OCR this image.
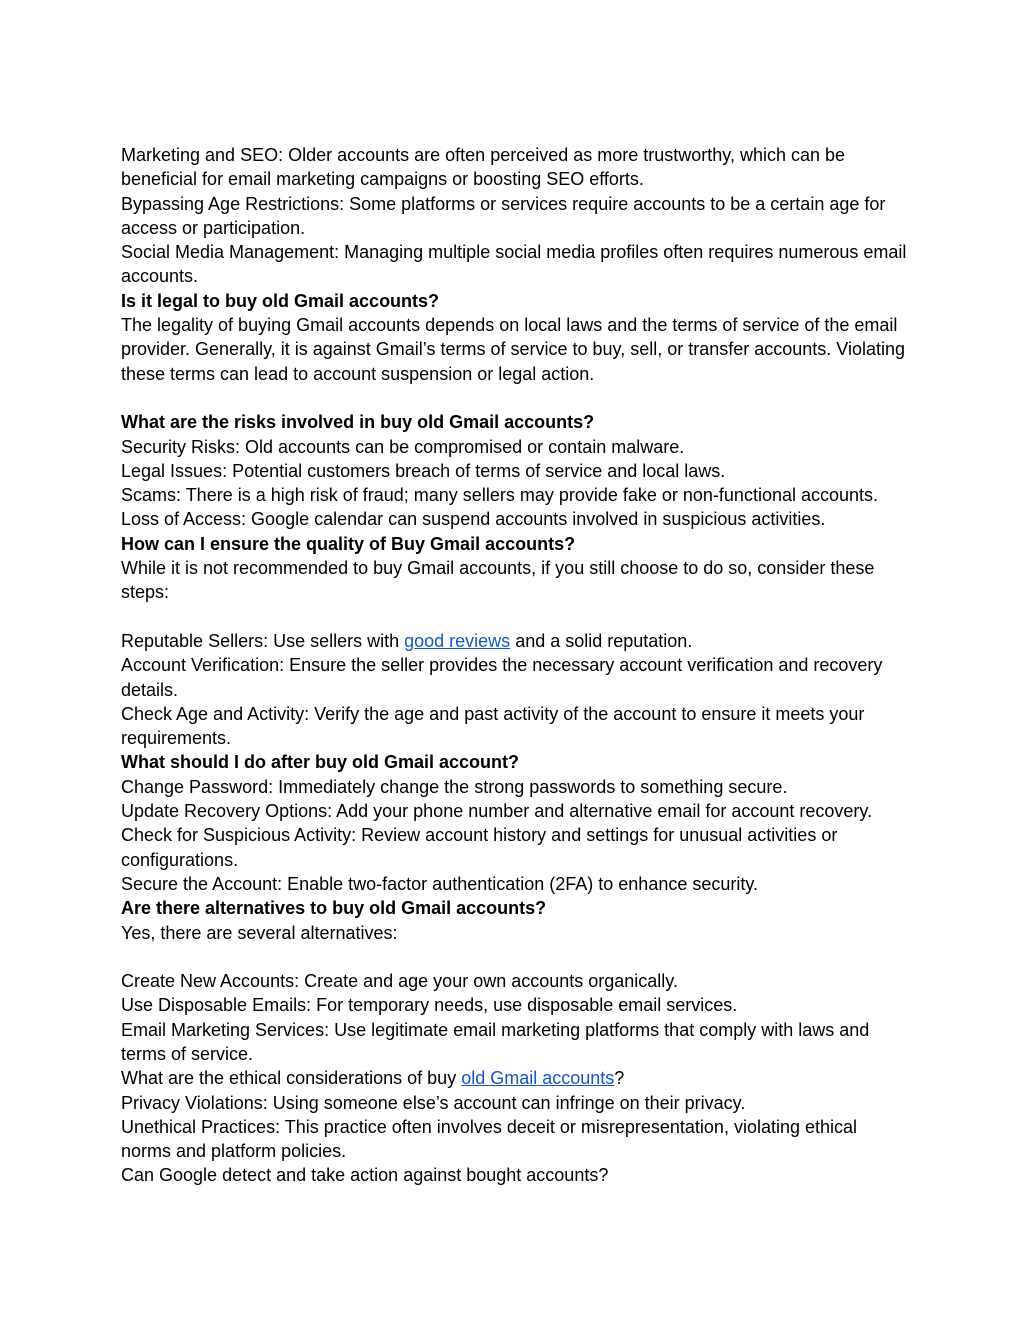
Marketing and SEO: Older accounts are often perceived as more trustworthy, which can be beneficial for email marketing campaigns or boosting SEO efforts.

Bypassing Age Restrictions: Some platforms or services require accounts to be a certain age for access or participation.

Social Media Management: Managing multiple social media profiles often requires numerous email accounts.

Is it legal to buy old Gmail accounts?

The legality of buying Gmail accounts depends on local laws and the terms of service of the email provider. Generally, it is against Gmail’s terms of service to buy, sell, or transfer accounts. Violating these terms can lead to account suspension or legal action.

What are the risks involved in buy old Gmail accounts?

Security Risks: Old accounts can be compromised or contain malware.

Legal Issues: Potential customers breach of terms of service and local laws.

Scams: There is a high risk of fraud; many sellers may provide fake or non-functional accounts.

Loss of Access: Google calendar can suspend accounts involved in suspicious activities.

How can I ensure the quality of Buy Gmail accounts?

While it is not recommended to buy Gmail accounts, if you still choose to do so, consider these steps:

Reputable Sellers: Use sellers with good reviews and a solid reputation.

Account Verification: Ensure the seller provides the necessary account verification and recovery details.

Check Age and Activity: Verify the age and past activity of the account to ensure it meets your requirements.

What should I do after buy old Gmail account?

Change Password: Immediately change the strong passwords to something secure.

Update Recovery Options: Add your phone number and alternative email for account recovery.

Check for Suspicious Activity: Review account history and settings for unusual activities or configurations.

Secure the Account: Enable two-factor authentication (2FA) to enhance security.

Are there alternatives to buy old Gmail accounts?

Yes, there are several alternatives:

Create New Accounts: Create and age your own accounts organically.

Use Disposable Emails: For temporary needs, use disposable email services.

Email Marketing Services: Use legitimate email marketing platforms that comply with laws and terms of service.

What are the ethical considerations of buy old Gmail accounts?

Privacy Violations: Using someone else’s account can infringe on their privacy.

Unethical Practices: This practice often involves deceit or misrepresentation, violating ethical norms and platform policies.

Can Google detect and take action against bought accounts?
